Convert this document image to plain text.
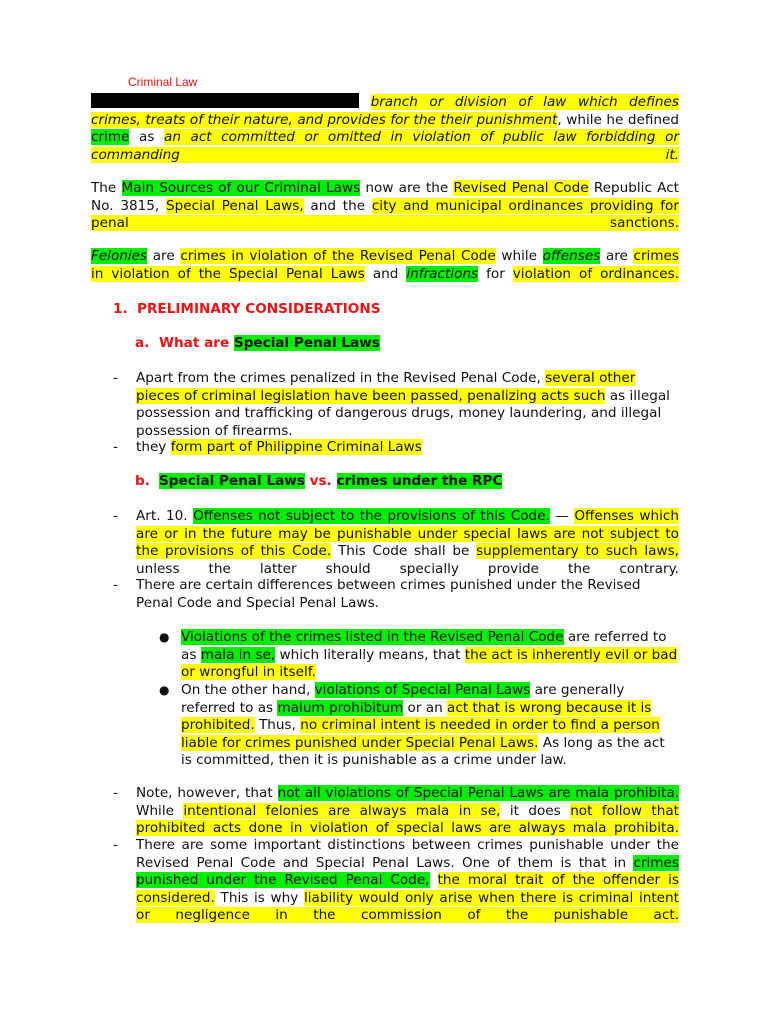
Criminal Law

branch or division of law which defines crimes, treats of their nature, and provides for the their punishment, while he defined crime as an act committed or omitted in violation of public law forbidding or commanding it.

The Main Sources of our Criminal Laws now are the Revised Penal Code Republic Act No. 3815, Special Penal Laws, and the city and municipal ordinances providing for penal sanctions.

Felonies are crimes in violation of the Revised Penal Code while offenses are crimes in violation of the Special Penal Laws and infractions for violation of ordinances.

1. PRELIMINARY CONSIDERATIONS
a. What are Special Penal Laws
- Apart from the crimes penalized in the Revised Penal Code, several other pieces of criminal legislation have been passed, penalizing acts such as illegal possession and trafficking of dangerous drugs, money laundering, and illegal possession of firearms.
- they form part of Philippine Criminal Laws
b. Special Penal Laws vs. crimes under the RPC
- Art. 10. Offenses not subject to the provisions of this Code. — Offenses which are or in the future may be punishable under special laws are not subject to the provisions of this Code. This Code shall be supplementary to such laws, unless the latter should specially provide the contrary.
- There are certain differences between crimes punished under the Revised Penal Code and Special Penal Laws.
● Violations of the crimes listed in the Revised Penal Code are referred to as mala in se, which literally means, that the act is inherently evil or bad or wrongful in itself.
● On the other hand, violations of Special Penal Laws are generally referred to as malum prohibitum or an act that is wrong because it is prohibited. Thus, no criminal intent is needed in order to find a person liable for crimes punished under Special Penal Laws. As long as the act is committed, then it is punishable as a crime under law.
- Note, however, that not all violations of Special Penal Laws are mala prohibita. While intentional felonies are always mala in se, it does not follow that prohibited acts done in violation of special laws are always mala prohibita.
- There are some important distinctions between crimes punishable under the Revised Penal Code and Special Penal Laws. One of them is that in crimes punished under the Revised Penal Code, the moral trait of the offender is considered. This is why liability would only arise when there is criminal intent or negligence in the commission of the punishable act.
